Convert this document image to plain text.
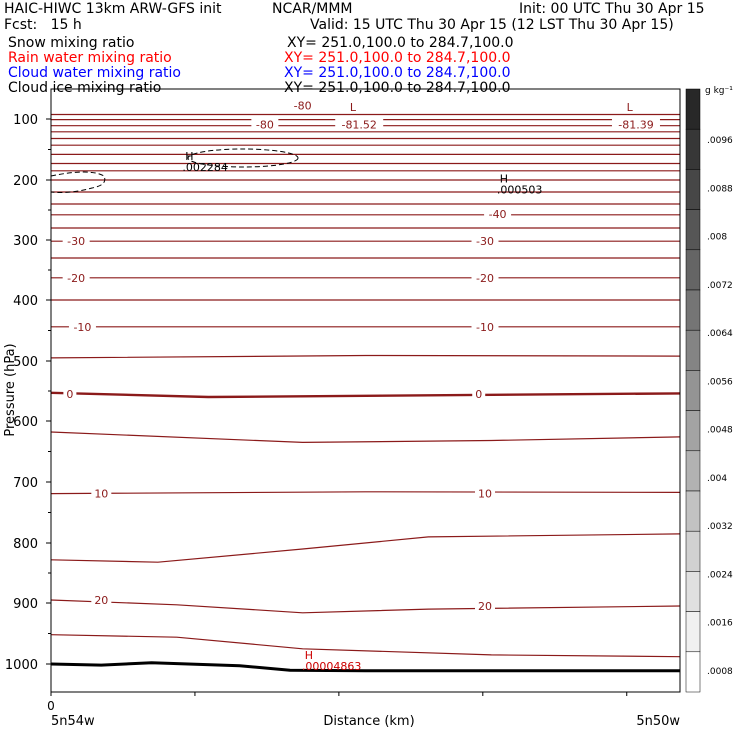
HAIC-HIWC 13km ARW-GFS init	NCAR/MMM	Init: 00 UTC Thu 30 Apr 15
Fcst:   15 h	Valid: 15 UTC Thu 30 Apr 15 (12 LST Thu 30 Apr 15)
Snow mixing ratio	XY= 251.0,100.0 to 284.7,100.0
Rain water mixing ratio	XY= 251.0,100.0 to 284.7,100.0
Cloud water mixing ratio	XY= 251.0,100.0 to 284.7,100.0
Cloud ice mixing ratio	XY= 251.0,100.0 to 284.7,100.0
100
200
300
400
500
600
700
800
900
1000
0
5n54w	5n50w
Distance (km)
Pressure (hPa)
-80
-80	-81.52	-81.39
-40
-30	-30
-20	-20
-10	-10
0	0
10	10
20	20
L	L
H
.002284
H
.000503
H
.00004863
.0096
.0088
.008
.0072
.0064
.0056
.0048
.004
.0032
.0024
.0016
.0008
g kg⁻¹
